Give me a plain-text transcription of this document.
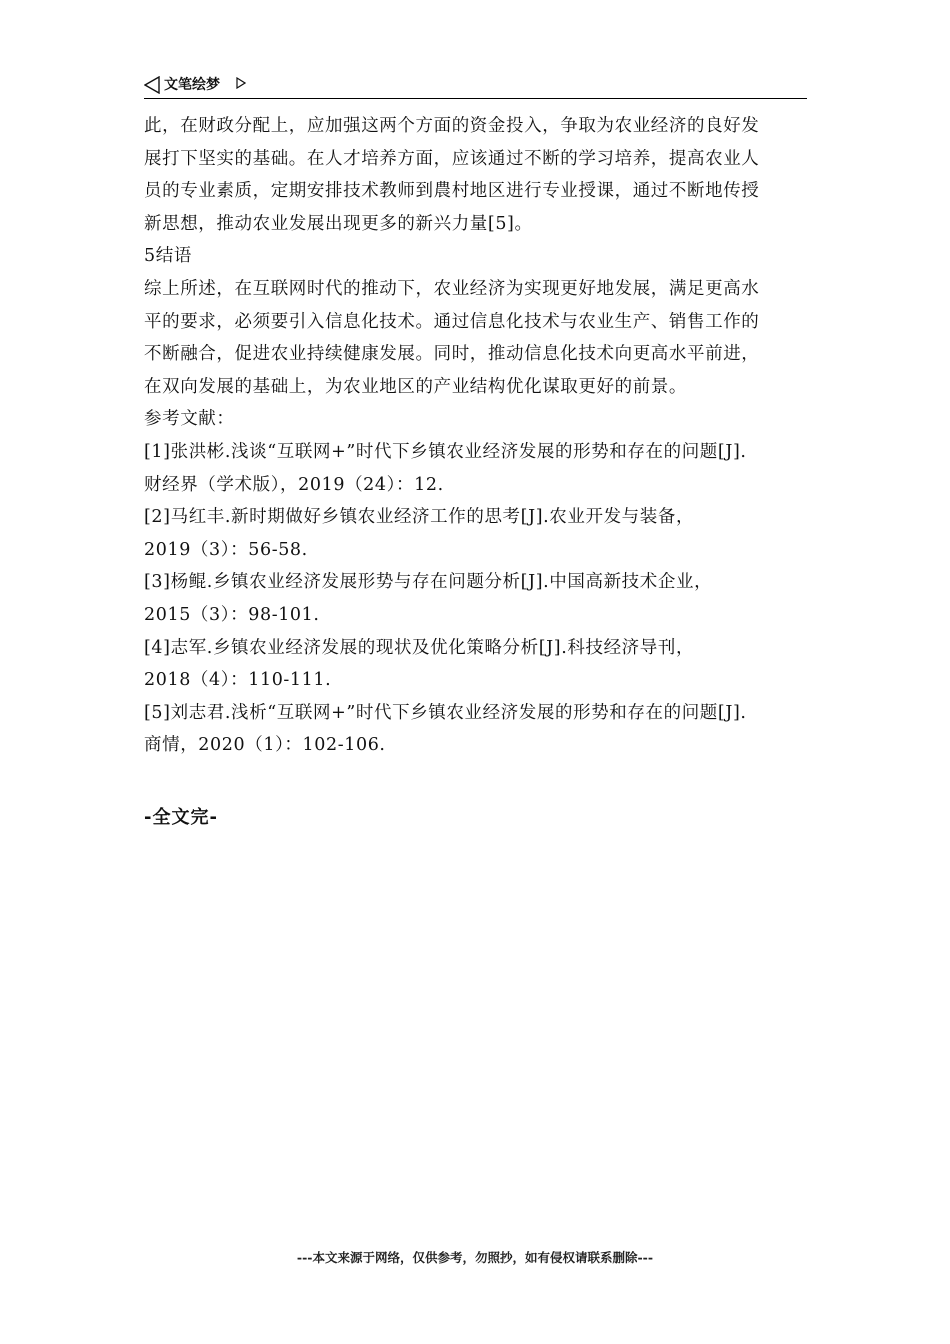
文笔绘梦
此，在财政分配上，应加强这两个方面的资金投入，争取为农业经济的良好发
展打下坚实的基础。在人才培养方面，应该通过不断的学习培养，提高农业人
员的专业素质，定期安排技术教师到農村地区进行专业授课，通过不断地传授
新思想，推动农业发展出现更多的新兴力量[5]。
5结语
综上所述，在互联网时代的推动下，农业经济为实现更好地发展，满足更高水
平的要求，必须要引入信息化技术。通过信息化技术与农业生产、销售工作的
不断融合，促进农业持续健康发展。同时，推动信息化技术向更高水平前进，
在双向发展的基础上，为农业地区的产业结构优化谋取更好的前景。
参考文献：
[1]张洪彬.浅谈“互联网+”时代下乡镇农业经济发展的形势和存在的问题[J].
财经界（学术版），2019（24）：12.
[2]马红丰.新时期做好乡镇农业经济工作的思考[J].农业开发与装备，
2019（3）：56-58.
[3]杨鲲.乡镇农业经济发展形势与存在问题分析[J].中国高新技术企业，
2015（3）：98-101.
[4]志军.乡镇农业经济发展的现状及优化策略分析[J].科技经济导刊，
2018（4）：110-111.
[5]刘志君.浅析“互联网+”时代下乡镇农业经济发展的形势和存在的问题[J].
商情，2020（1）：102-106.
-全文完-
---本文来源于网络，仅供参考，勿照抄，如有侵权请联系删除---
